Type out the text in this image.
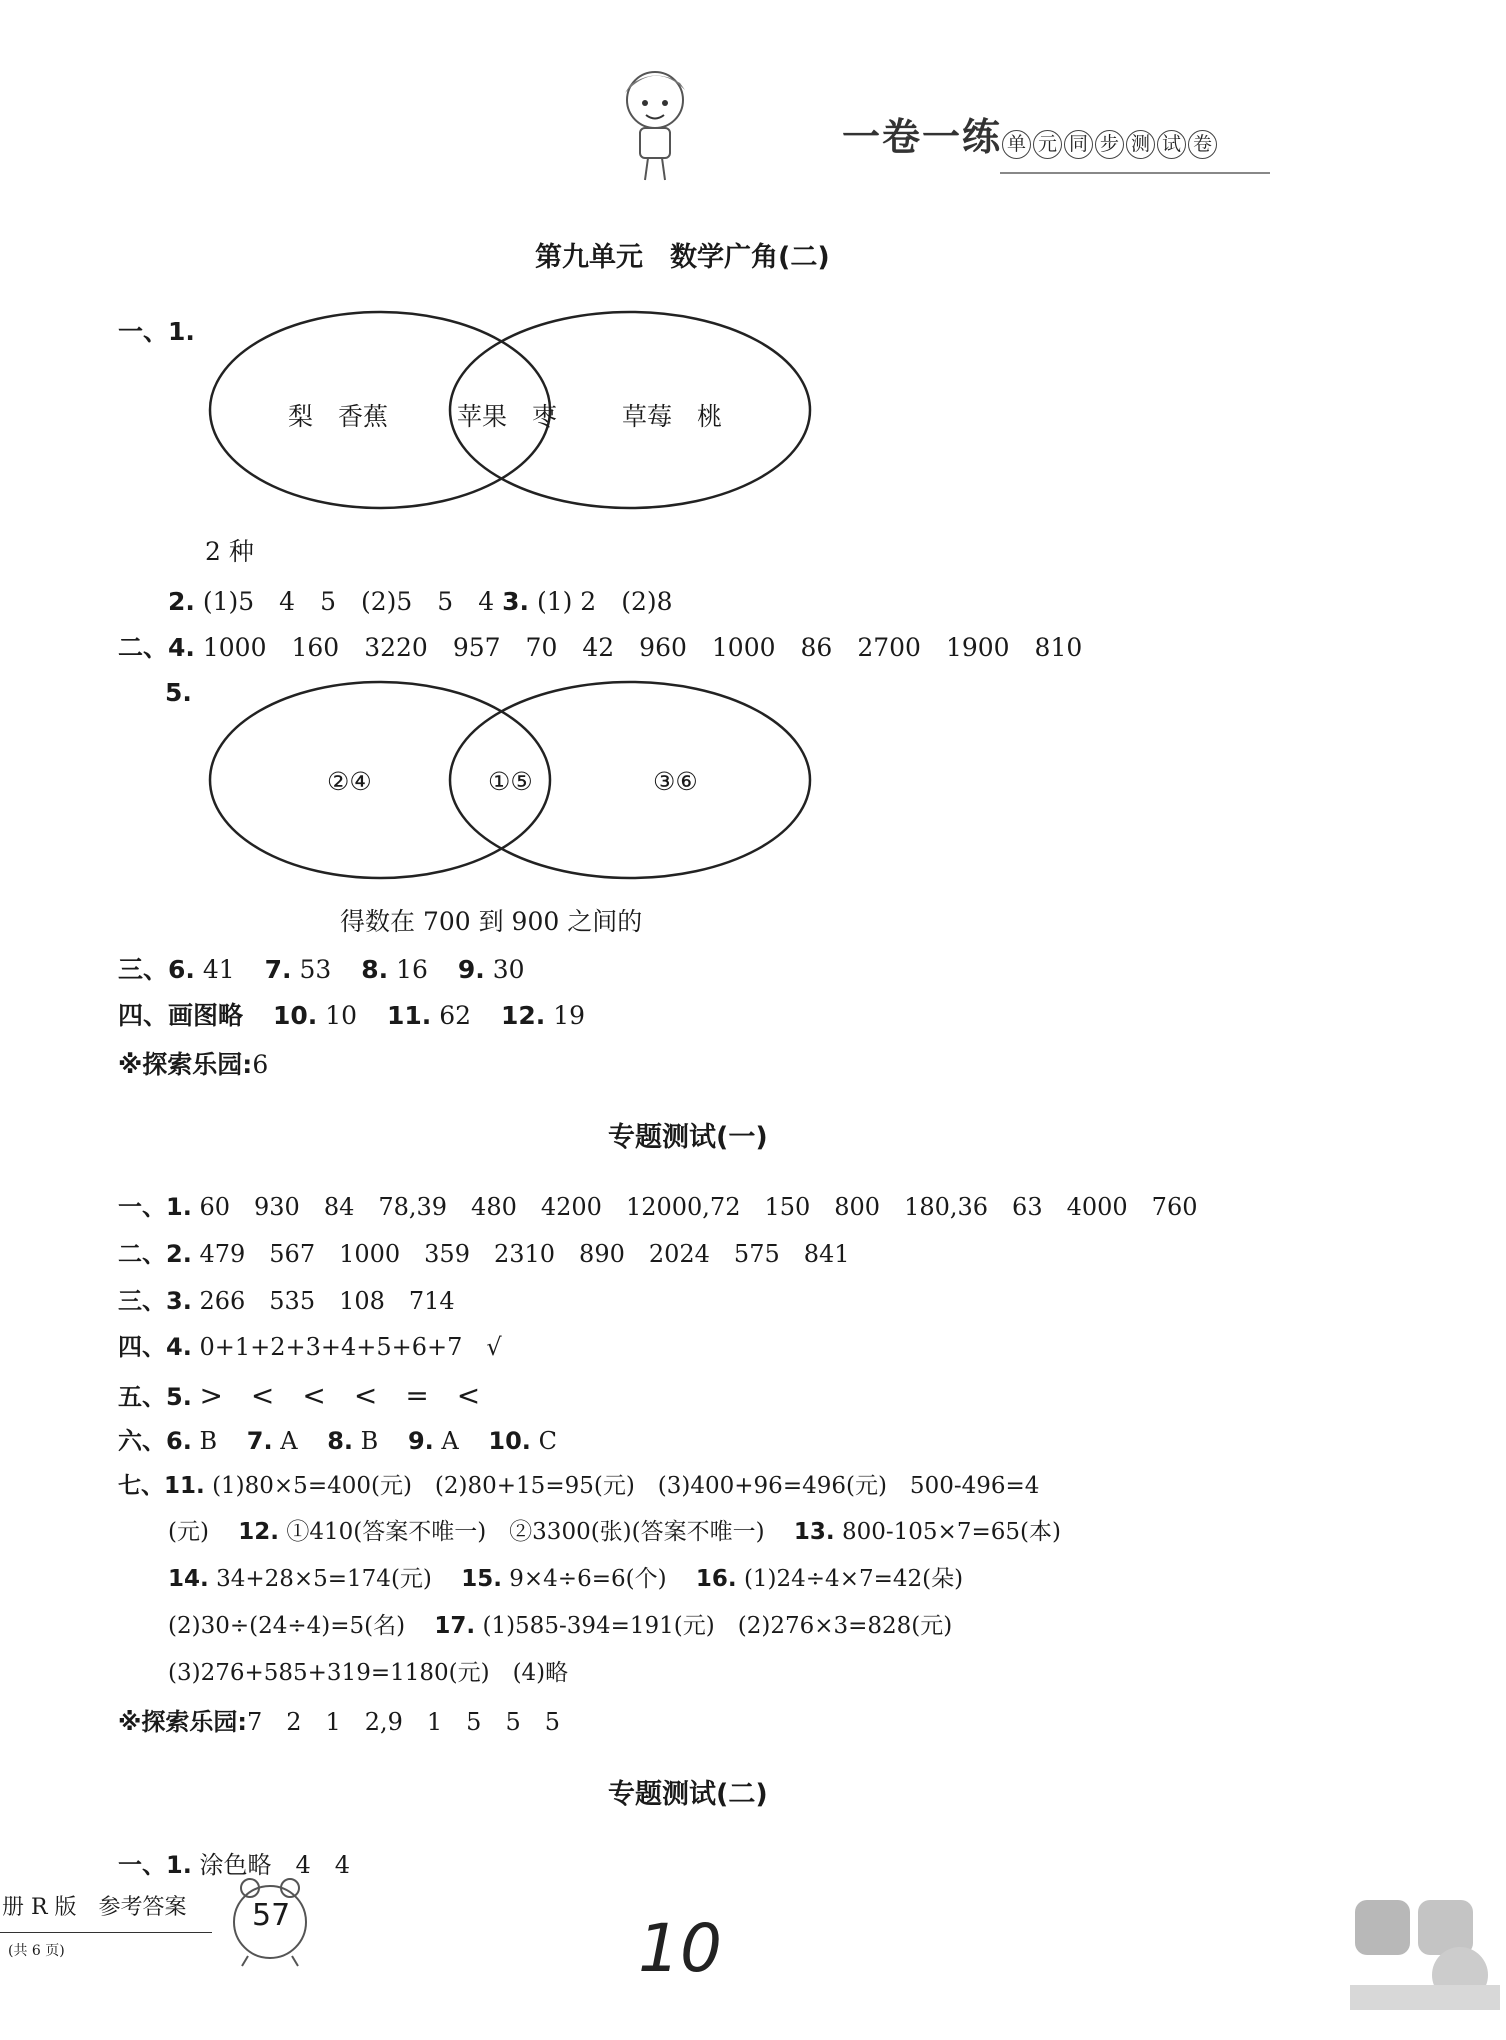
一卷一练 单 元 同 步 测 试 卷
第九单元　数学广角(二)
一、1.
梨　香蕉	苹果　枣	草莓　桃
2 种
2. (1)5　4　5　(2)5　5　4 3. (1) 2　(2)8
二、4. 1000　160　3220　957　70　42　960　1000　86　2700　1900　810
5.
②④	①⑤	③⑥
得数在 700 到 900 之间的
三、6. 41 7. 53 8. 16 9. 30
四、画图略 10. 10 11. 62 12. 19
※探索乐园:6
专题测试(一)
一、1. 60　930　84　78,39　480　4200　12000,72　150　800　180,36　63　4000　760
二、2. 479　567　1000　359　2310　890　2024　575　841
三、3. 266　535　108　714
四、4. 0+1+2+3+4+5+6+7　√
五、5. >　<　<　<　=　<
六、6. B 7. A 8. B 9. A 10. C
七、11. (1)80×5=400(元)　(2)80+15=95(元)　(3)400+96=496(元)　500-496=4
(元) 12. ①410(答案不唯一)　②3300(张)(答案不唯一) 13. 800-105×7=65(本)
14. 34+28×5=174(元) 15. 9×4÷6=6(个) 16. (1)24÷4×7=42(朵)
(2)30÷(24÷4)=5(名) 17. (1)585-394=191(元)　(2)276×3=828(元)
(3)276+585+319=1180(元)　(4)略
※探索乐园:7　2　1　2,9　1　5　5　5
专题测试(二)
一、1. 涂色略　4　4
册 R 版　参考答案
(共 6 页)
57	10
